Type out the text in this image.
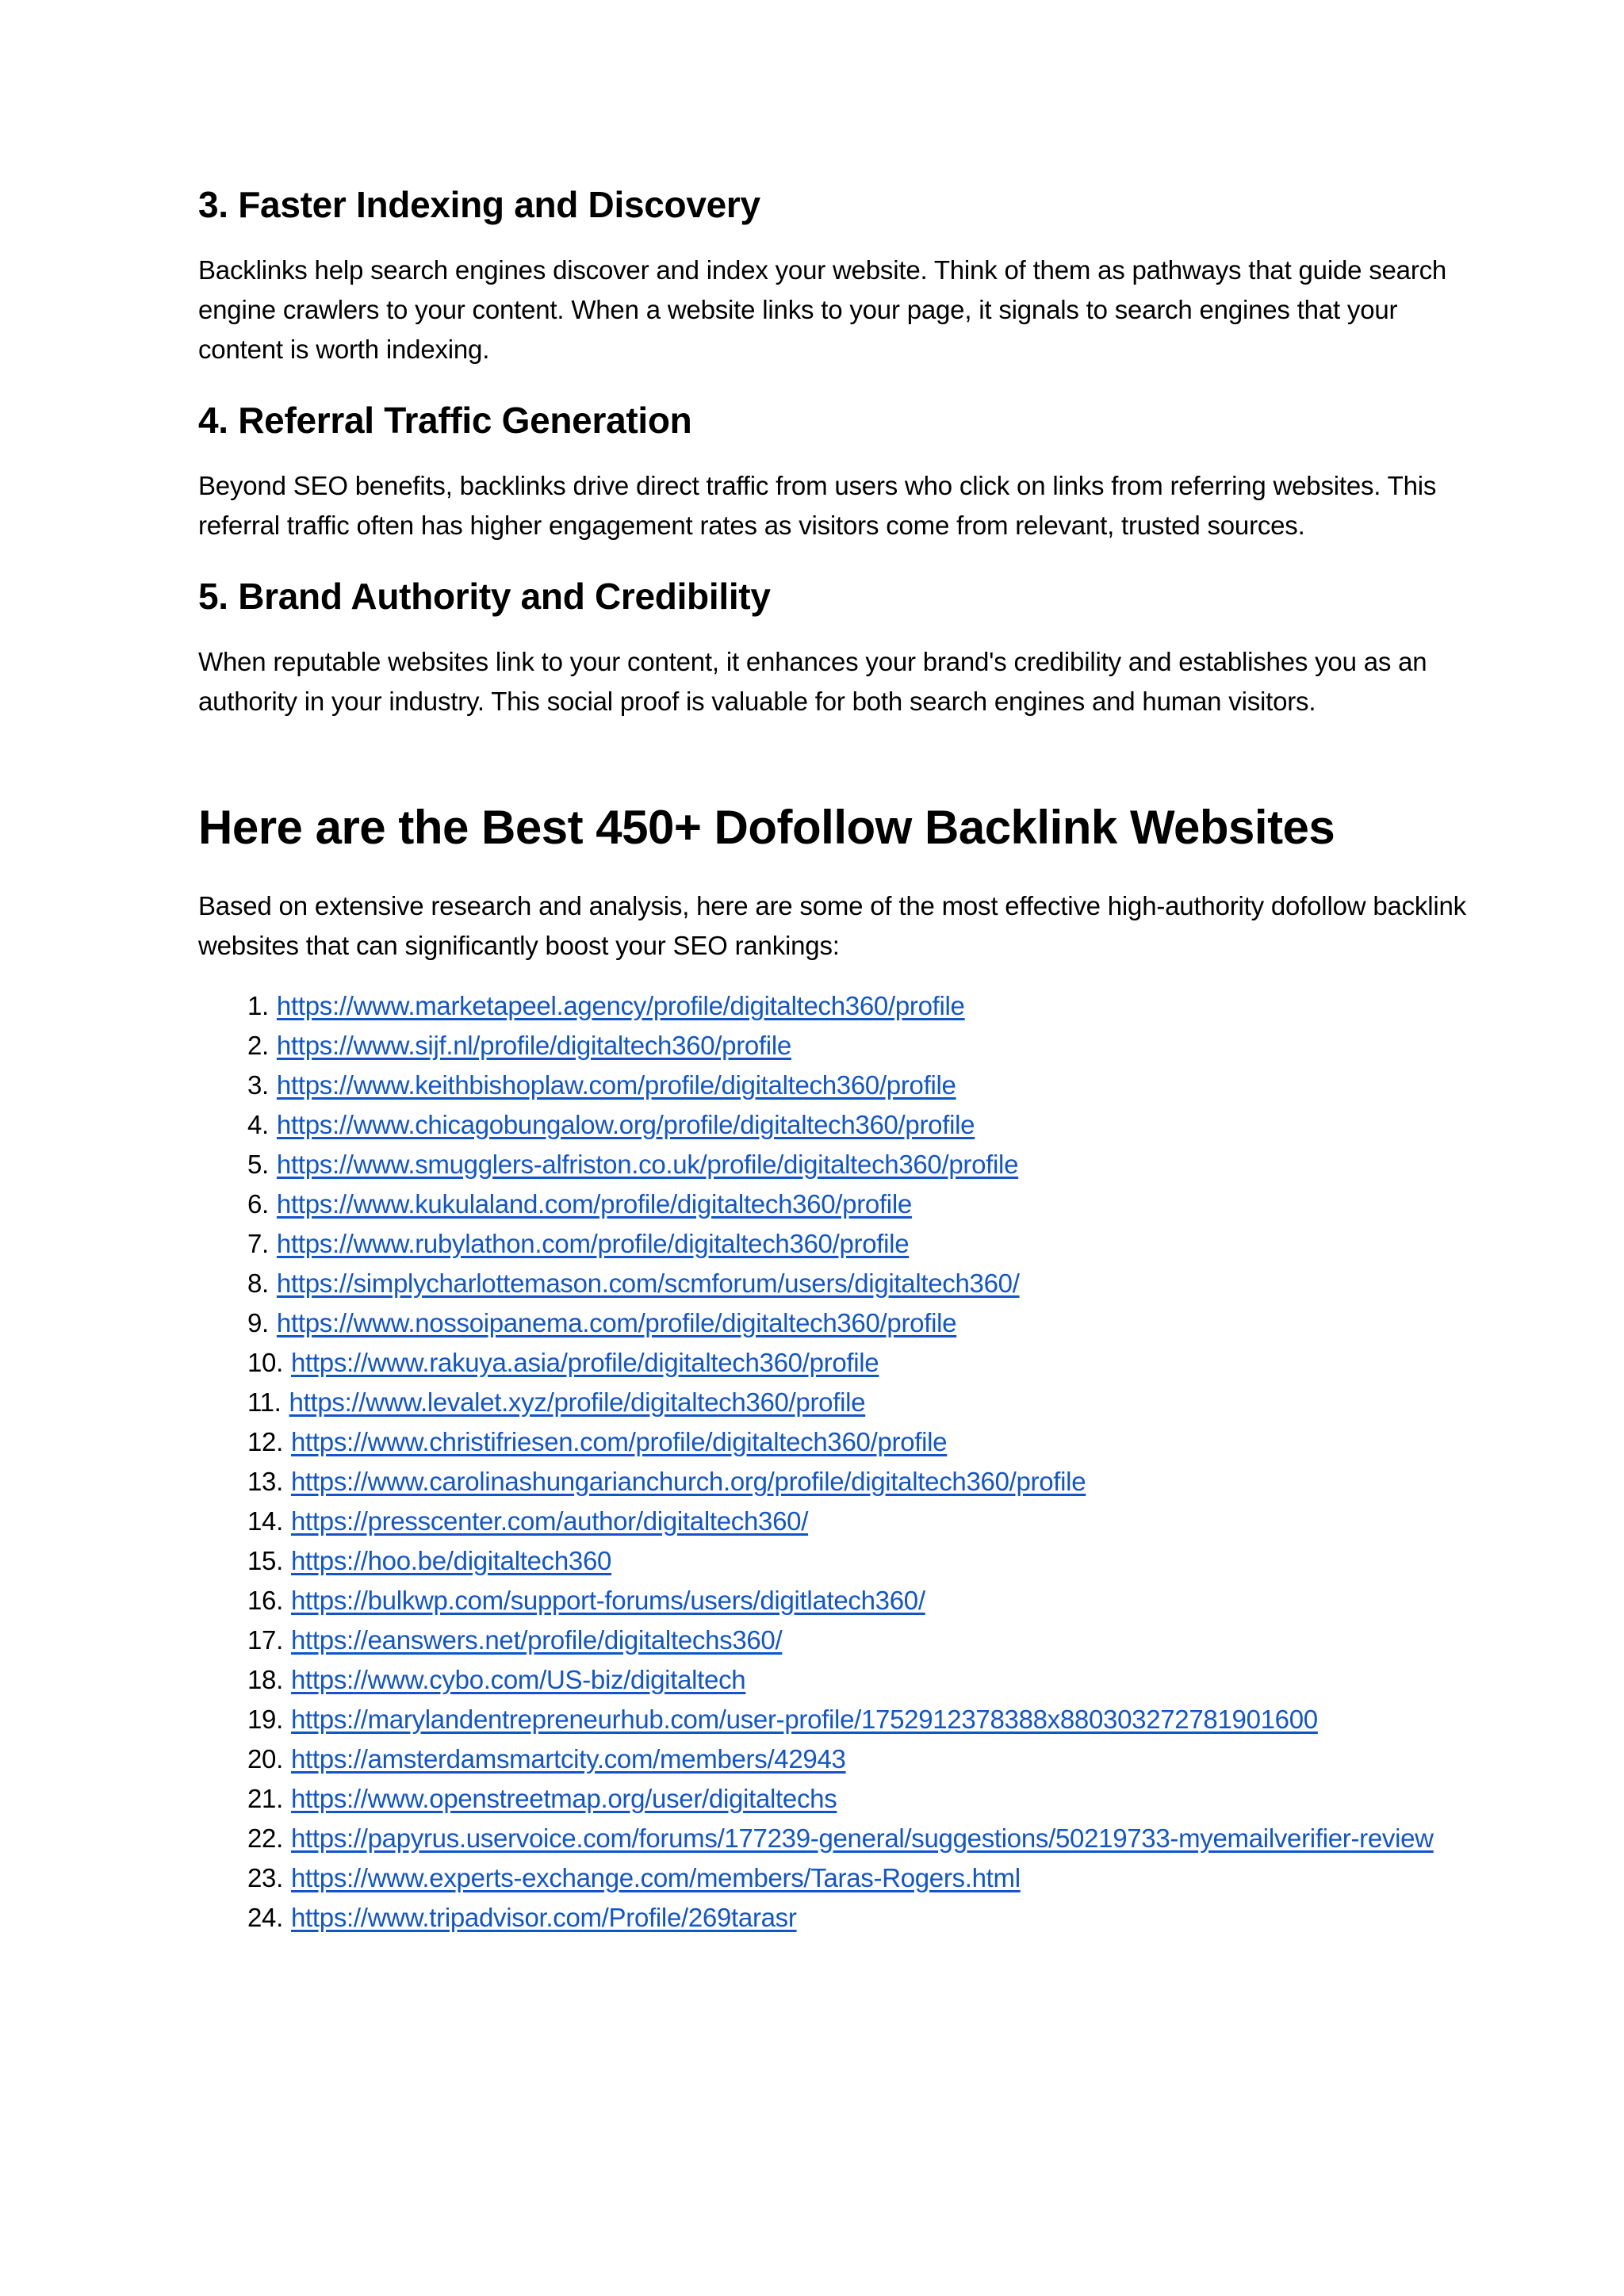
3. Faster Indexing and Discovery

Backlinks help search engines discover and index your website. Think of them as pathways that guide search engine crawlers to your content. When a website links to your page, it signals to search engines that your content is worth indexing.

4. Referral Traffic Generation

Beyond SEO benefits, backlinks drive direct traffic from users who click on links from referring websites. This referral traffic often has higher engagement rates as visitors come from relevant, trusted sources.

5. Brand Authority and Credibility

When reputable websites link to your content, it enhances your brand's credibility and establishes you as an authority in your industry. This social proof is valuable for both search engines and human visitors.

Here are the Best 450+ Dofollow Backlink Websites

Based on extensive research and analysis, here are some of the most effective high-authority dofollow backlink websites that can significantly boost your SEO rankings:

1. https://www.marketapeel.agency/profile/digitaltech360/profile
2. https://www.sijf.nl/profile/digitaltech360/profile
3. https://www.keithbishoplaw.com/profile/digitaltech360/profile
4. https://www.chicagobungalow.org/profile/digitaltech360/profile
5. https://www.smugglers-alfriston.co.uk/profile/digitaltech360/profile
6. https://www.kukulaland.com/profile/digitaltech360/profile
7. https://www.rubylathon.com/profile/digitaltech360/profile
8. https://simplycharlottemason.com/scmforum/users/digitaltech360/
9. https://www.nossoipanema.com/profile/digitaltech360/profile
10. https://www.rakuya.asia/profile/digitaltech360/profile
11. https://www.levalet.xyz/profile/digitaltech360/profile
12. https://www.christifriesen.com/profile/digitaltech360/profile
13. https://www.carolinashungarianchurch.org/profile/digitaltech360/profile
14. https://presscenter.com/author/digitaltech360/
15. https://hoo.be/digitaltech360
16. https://bulkwp.com/support-forums/users/digitlatech360/
17. https://eanswers.net/profile/digitaltechs360/
18. https://www.cybo.com/US-biz/digitaltech
19. https://marylandentrepreneurhub.com/user-profile/1752912378388x880303272781901600
20. https://amsterdamsmartcity.com/members/42943
21. https://www.openstreetmap.org/user/digitaltechs
22. https://papyrus.uservoice.com/forums/177239-general/suggestions/50219733-myemailverifier-review
23. https://www.experts-exchange.com/members/Taras-Rogers.html
24. https://www.tripadvisor.com/Profile/269tarasr
